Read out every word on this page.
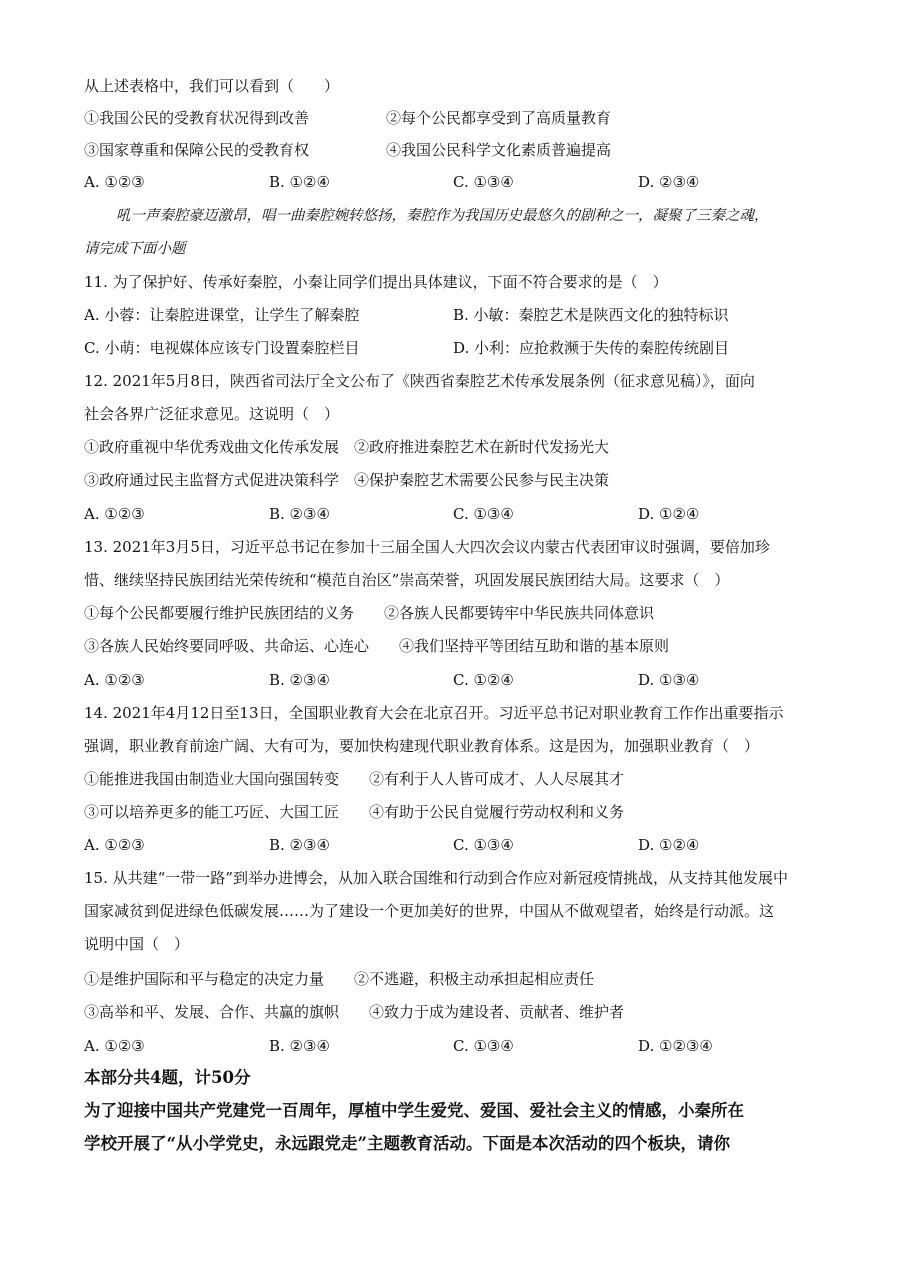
从上述表格中，我们可以看到（　　）
①我国公民的受教育状况得到改善	②每个公民都享受到了高质量教育
③国家尊重和保障公民的受教育权	④我国公民科学文化素质普遍提高
A. ①②③	B. ①②④	C. ①③④	D. ②③④
吼一声秦腔豪迈激昂，唱一曲秦腔婉转悠扬，秦腔作为我国历史最悠久的剧种之一，凝聚了三秦之魂，
请完成下面小题
11. 为了保护好、传承好秦腔，小秦让同学们提出具体建议，下面不符合要求的是（　）
A. 小蓉：让秦腔进课堂，让学生了解秦腔	B. 小敏：秦腔艺术是陕西文化的独特标识
C. 小萌：电视媒体应该专门设置秦腔栏目	D. 小利：应抢救濒于失传的秦腔传统剧目
12. 2021年5月8日，陕西省司法厅全文公布了《陕西省秦腔艺术传承发展条例（征求意见稿）》，面向
社会各界广泛征求意见。这说明（　）
①政府重视中华优秀戏曲文化传承发展　②政府推进秦腔艺术在新时代发扬光大
③政府通过民主监督方式促进决策科学　④保护秦腔艺术需要公民参与民主决策
A. ①②③	B. ②③④	C. ①③④	D. ①②④
13. 2021年3月5日，习近平总书记在参加十三届全国人大四次会议内蒙古代表团审议时强调，要倍加珍
惜、继续坚持民族团结光荣传统和“模范自治区”崇高荣誉，巩固发展民族团结大局。这要求（　）
①每个公民都要履行维护民族团结的义务　　②各族人民都要铸牢中华民族共同体意识
③各族人民始终要同呼吸、共命运、心连心　　④我们坚持平等团结互助和谐的基本原则
A. ①②③	B. ②③④	C. ①②④	D. ①③④
14. 2021年4月12日至13日，全国职业教育大会在北京召开。习近平总书记对职业教育工作作出重要指示
强调，职业教育前途广阔、大有可为，要加快构建现代职业教育体系。这是因为，加强职业教育（　）
①能推进我国由制造业大国向强国转变　　②有利于人人皆可成才、人人尽展其才
③可以培养更多的能工巧匠、大国工匠　　④有助于公民自觉履行劳动权利和义务
A. ①②③	B. ②③④	C. ①③④	D. ①②④
15. 从共建“一带一路”到举办进博会，从加入联合国维和行动到合作应对新冠疫情挑战，从支持其他发展中
国家减贫到促进绿色低碳发展……为了建设一个更加美好的世界，中国从不做观望者，始终是行动派。这
说明中国（　）
①是维护国际和平与稳定的决定力量　　②不逃避，积极主动承担起相应责任
③高举和平、发展、合作、共赢的旗帜　　④致力于成为建设者、贡献者、维护者
A. ①②③	B. ②③④	C. ①③④	D. ①②③④
本部分共4题，计50分
为了迎接中国共产党建党一百周年，厚植中学生爱党、爱国、爱社会主义的情感，小秦所在
学校开展了“从小学党史，永远跟党走”主题教育活动。下面是本次活动的四个板块，请你
